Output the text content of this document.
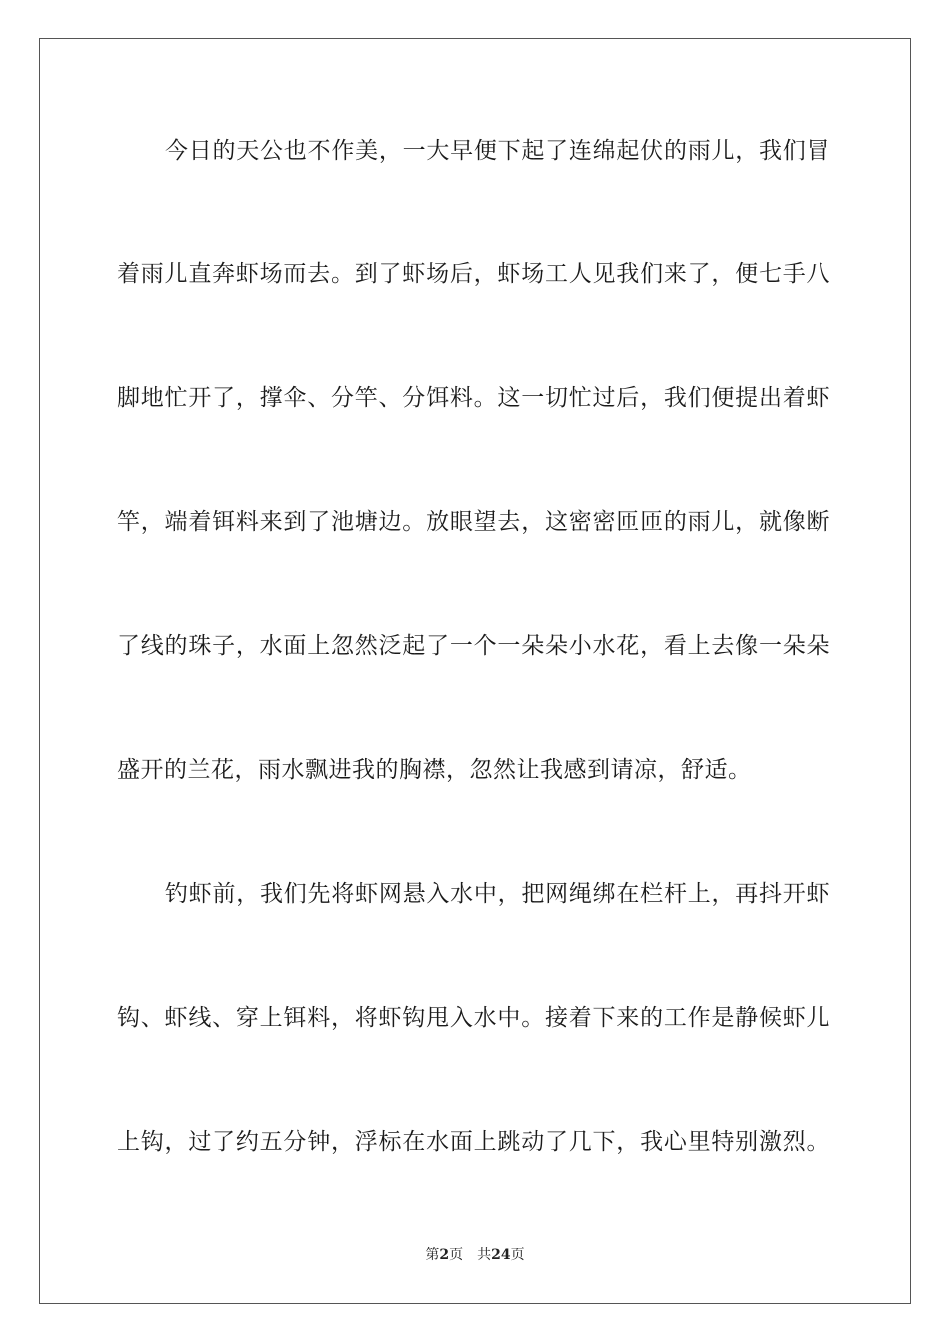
今日的天公也不作美，一大早便下起了连绵起伏的雨儿，我们冒
着雨儿直奔虾场而去。到了虾场后，虾场工人见我们来了，便七手八
脚地忙开了，撑伞、分竿、分饵料。这一切忙过后，我们便提出着虾
竿，端着铒料来到了池塘边。放眼望去，这密密匝匝的雨儿，就像断
了线的珠子，水面上忽然泛起了一个一朵朵小水花，看上去像一朵朵
盛开的兰花，雨水飘进我的胸襟，忽然让我感到请凉，舒适。
钓虾前，我们先将虾网悬入水中，把网绳绑在栏杆上，再抖开虾
钩、虾线、穿上铒料，将虾钩甩入水中。接着下来的工作是静候虾儿
上钩，过了约五分钟，浮标在水面上跳动了几下，我心里特别激烈。
第2页 共24页
